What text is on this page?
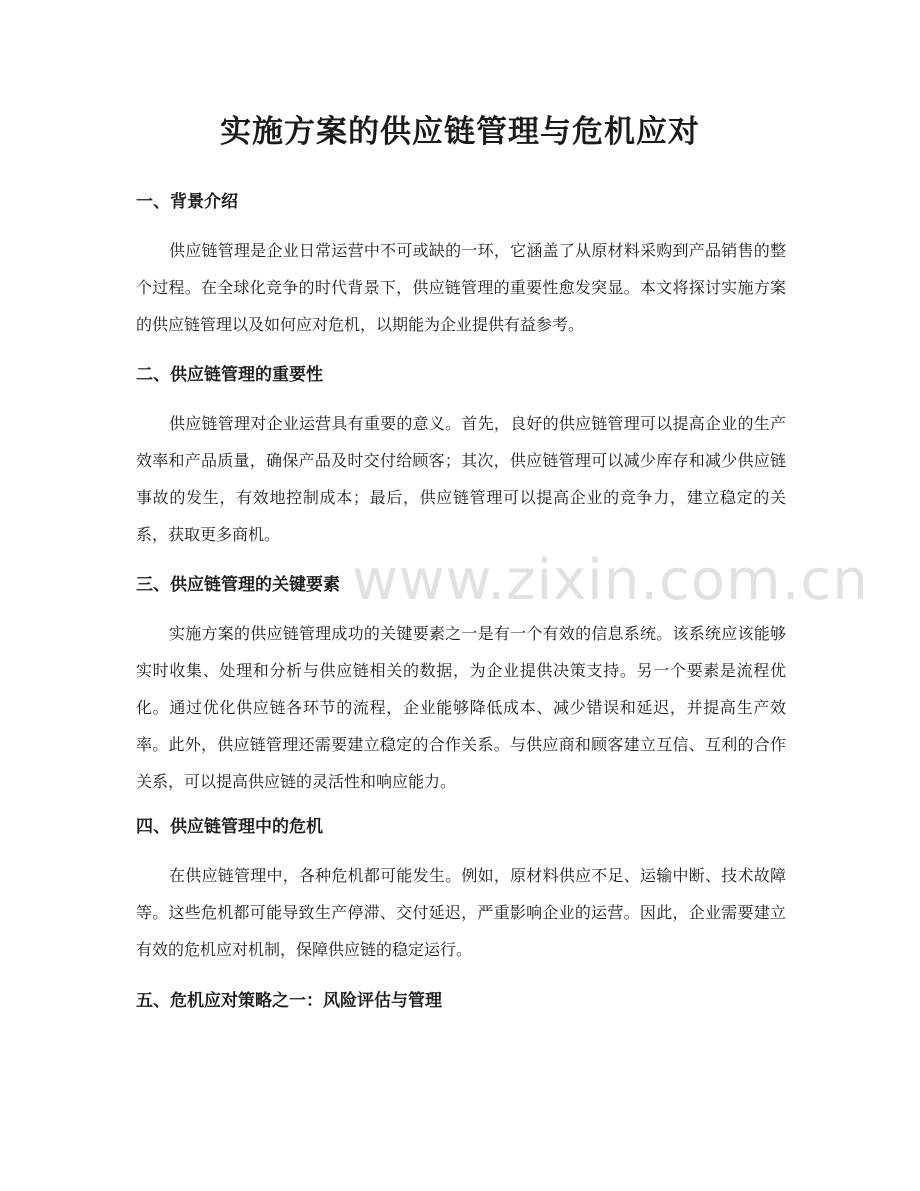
实施方案的供应链管理与危机应对
一、背景介绍

供应链管理是企业日常运营中不可或缺的一环，它涵盖了从原材料采购到产品销售的整个过程。在全球化竞争的时代背景下，供应链管理的重要性愈发突显。本文将探讨实施方案的供应链管理以及如何应对危机，以期能为企业提供有益参考。

二、供应链管理的重要性

供应链管理对企业运营具有重要的意义。首先，良好的供应链管理可以提高企业的生产效率和产品质量，确保产品及时交付给顾客；其次，供应链管理可以减少库存和减少供应链事故的发生，有效地控制成本；最后，供应链管理可以提高企业的竞争力，建立稳定的关系，获取更多商机。

三、供应链管理的关键要素

实施方案的供应链管理成功的关键要素之一是有一个有效的信息系统。该系统应该能够实时收集、处理和分析与供应链相关的数据，为企业提供决策支持。另一个要素是流程优化。通过优化供应链各环节的流程，企业能够降低成本、减少错误和延迟，并提高生产效率。此外，供应链管理还需要建立稳定的合作关系。与供应商和顾客建立互信、互利的合作关系，可以提高供应链的灵活性和响应能力。

四、供应链管理中的危机

在供应链管理中，各种危机都可能发生。例如，原材料供应不足、运输中断、技术故障等。这些危机都可能导致生产停滞、交付延迟，严重影响企业的运营。因此，企业需要建立有效的危机应对机制，保障供应链的稳定运行。

五、危机应对策略之一：风险评估与管理
www.zixin.com.cn
